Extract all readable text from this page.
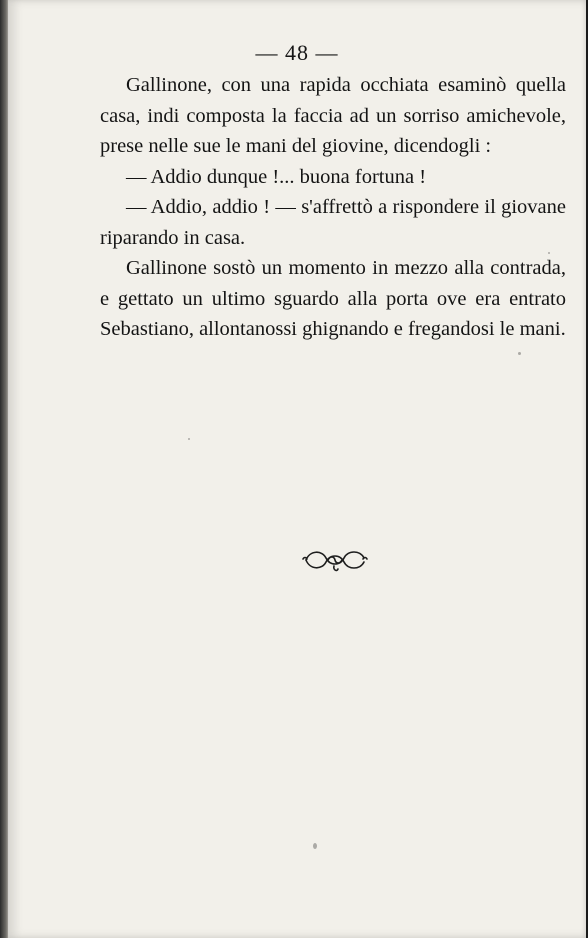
— 48 —

Gallinone, con una rapida occhiata esaminò quella casa, indi composta la faccia ad un sorriso amichevole, prese nelle sue le mani del giovine, dicendogli :

— Addio dunque !... buona fortuna !

— Addio, addio ! — s'affrettò a rispondere il giovane riparando in casa.

Gallinone sostò un momento in mezzo alla contrada, e gettato un ultimo sguardo alla porta ove era entrato Sebastiano, allontanossi ghignando e fregandosi le mani.
